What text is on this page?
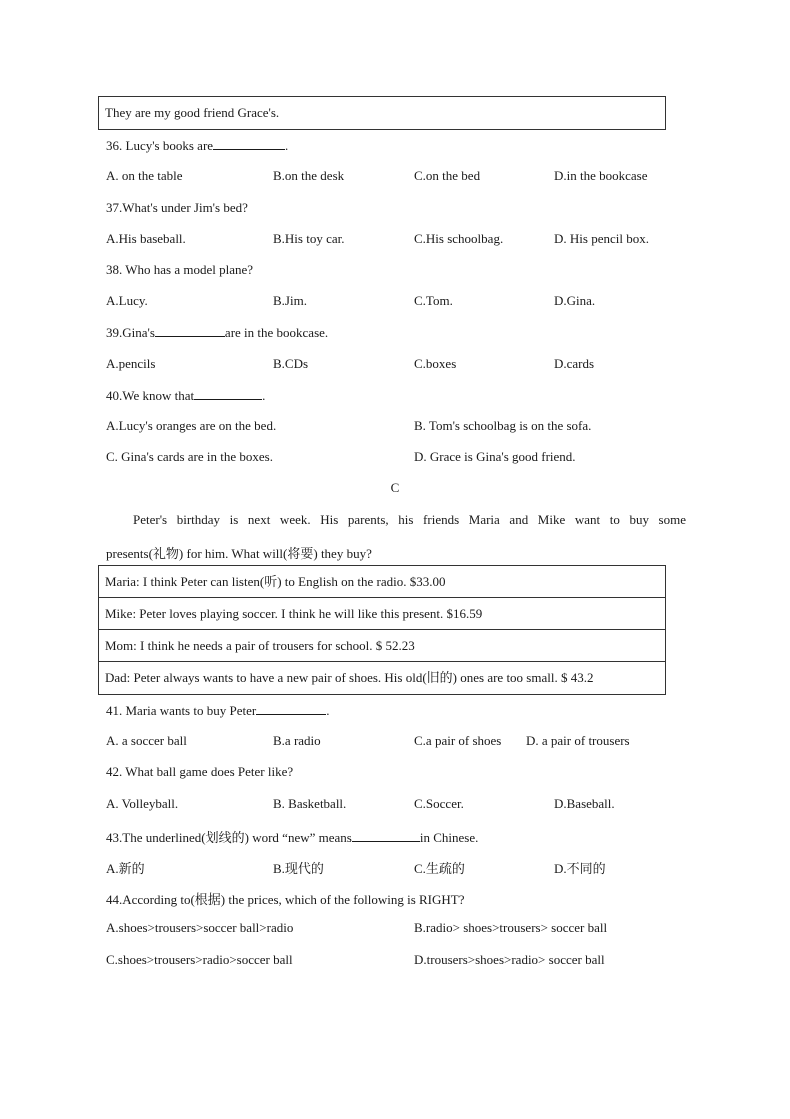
They are my good friend Grace's.
36. Lucy's books are	.
A. on the table	B.on the desk	C.on the bed	D.in the bookcase
37.What's under Jim's bed?
A.His baseball.	B.His toy car.	C.His schoolbag.	D. His pencil box.
38. Who has a model plane?
A.Lucy.	B.Jim.	C.Tom.	D.Gina.
39.Gina's	are in the bookcase.
A.pencils	B.CDs	C.boxes	D.cards
40.We know that	.
A.Lucy's oranges are on the bed.	B. Tom's schoolbag is on the sofa.
C. Gina's cards are in the boxes.	D. Grace is Gina's good friend.
C
Peter's birthday is next week. His parents, his friends Maria and Mike want to buy some
presents(礼物) for him. What will(将要) they buy?
Maria: I think Peter can listen(听) to English on the radio. $33.00
Mike: Peter loves playing soccer. I think he will like this present. $16.59
Mom: I think he needs a pair of trousers for school. $ 52.23
Dad: Peter always wants to have a new pair of shoes. His old(旧的) ones are too small. $ 43.2
41. Maria wants to buy Peter	.
A. a soccer ball	B.a radio	C.a pair of shoes D. a pair of trousers
42. What ball game does Peter like?
A. Volleyball.	B. Basketball.	C.Soccer.	D.Baseball.
43.The underlined(划线的) word “new” means	in Chinese.
A.新的	B.现代的	C.生疏的	D.不同的
44.According to(根据) the prices, which of the following is RIGHT?
A.shoes>trousers>soccer ball>radio	B.radio> shoes>trousers> soccer ball
C.shoes>trousers>radio>soccer ball	D.trousers>shoes>radio> soccer ball
